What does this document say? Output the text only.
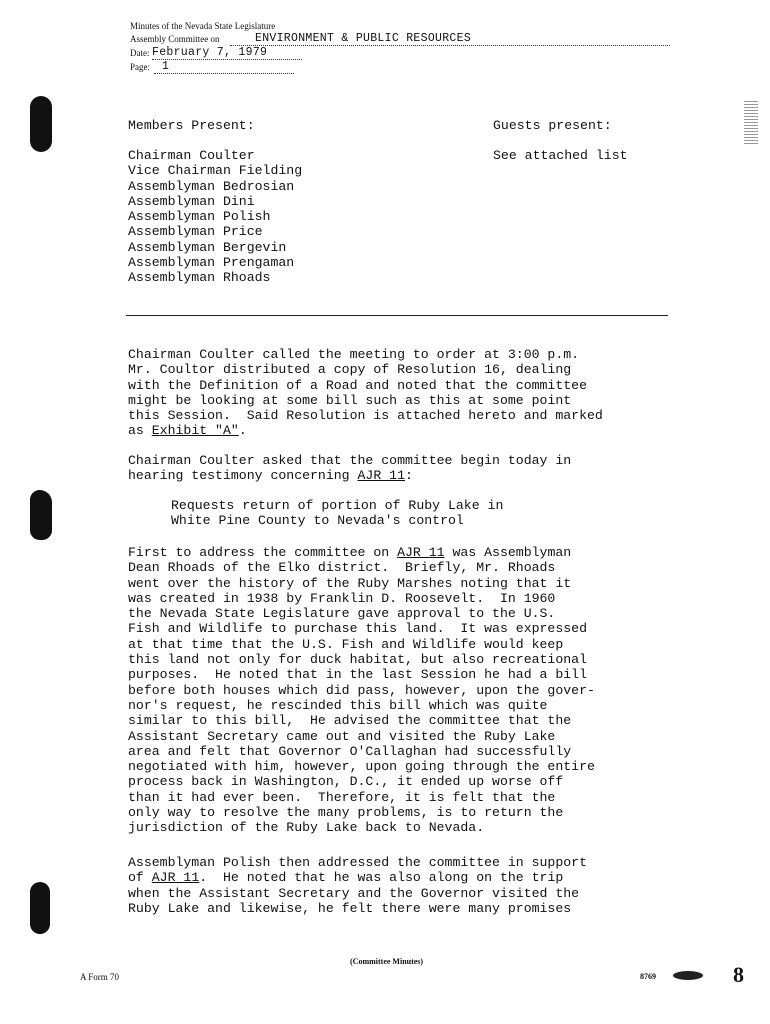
Minutes of the Nevada State Legislature
Assembly Committee on	ENVIRONMENT & PUBLIC RESOURCES
Date: February 7, 1979
Page: 1
Members Present:	Guests present:
See attached list
Chairman Coulter
Vice Chairman Fielding
Assemblyman Bedrosian
Assemblyman Dini
Assemblyman Polish
Assemblyman Price
Assemblyman Bergevin
Assemblyman Prengaman
Assemblyman Rhoads
Chairman Coulter called the meeting to order at 3:00 p.m.
Mr. Coultor distributed a copy of Resolution 16, dealing
with the Definition of a Road and noted that the committee
might be looking at some bill such as this at some point
this Session.  Said Resolution is attached hereto and marked
as Exhibit "A".
Chairman Coulter asked that the committee begin today in
hearing testimony concerning AJR 11:
Requests return of portion of Ruby Lake in
White Pine County to Nevada's control
First to address the committee on AJR 11 was Assemblyman
Dean Rhoads of the Elko district.  Briefly, Mr. Rhoads
went over the history of the Ruby Marshes noting that it
was created in 1938 by Franklin D. Roosevelt.  In 1960
the Nevada State Legislature gave approval to the U.S.
Fish and Wildlife to purchase this land.  It was expressed
at that time that the U.S. Fish and Wildlife would keep
this land not only for duck habitat, but also recreational
purposes.  He noted that in the last Session he had a bill
before both houses which did pass, however, upon the gover-
nor's request, he rescinded this bill which was quite
similar to this bill,  He advised the committee that the
Assistant Secretary came out and visited the Ruby Lake
area and felt that Governor O'Callaghan had successfully
negotiated with him, however, upon going through the entire
process back in Washington, D.C., it ended up worse off
than it had ever been.  Therefore, it is felt that the
only way to resolve the many problems, is to return the
jurisdiction of the Ruby Lake back to Nevada.
Assemblyman Polish then addressed the committee in support
of AJR 11.  He noted that he was also along on the trip
when the Assistant Secretary and the Governor visited the
Ruby Lake and likewise, he felt there were many promises
(Committee Minutes)
A Form 70	8769	8
